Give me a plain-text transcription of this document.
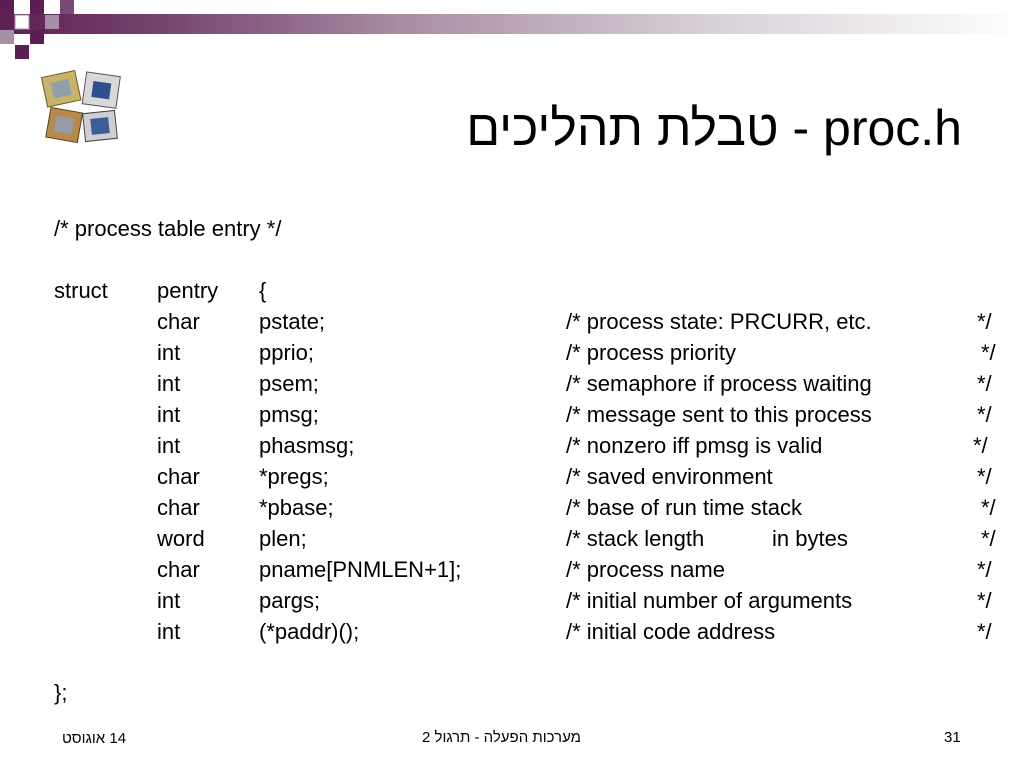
טבלת תהליכים - proc.h
/* process table entry */
struct pentry {
char	pstate;	/* process state: PRCURR, etc.	*/
int	pprio;	/* process priority	*/
int	psem;	/* semaphore if process waiting	*/
int	pmsg;	/* message sent to this process	*/
int	phasmsg;	/* nonzero iff pmsg is valid	*/
char	*pregs;	/* saved environment	*/
char	*pbase;	/* base of run time stack	*/
word plen;	/* stack length	in bytes	*/
char	pname[PNMLEN+1];	/* process name	*/
int	pargs;	/* initial number of arguments	*/
int	(*paddr)();	/* initial code address	*/
};
14 אוגוסט	מערכות הפעלה - תרגול 2	31
